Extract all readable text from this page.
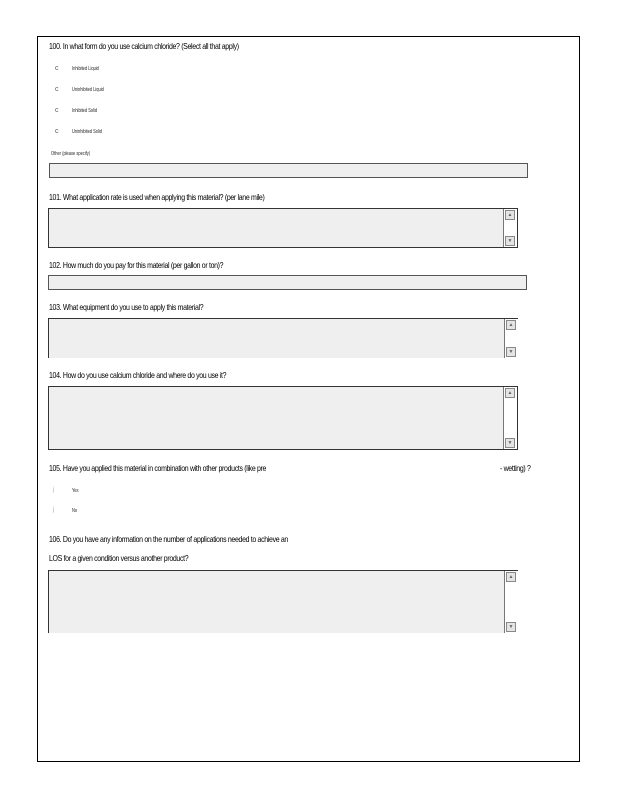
100. In what form do you use calcium chloride? (Select all that apply)
c	Inhibited Liquid
c	Uninhibited Liquid
c	Inhibited Solid
c	Uninhibited Solid
Other (please specify)
101. What application rate is used when applying this material? (per lane mile)
▲
▼
102. How much do you pay for this material (per gallon or ton)?
103. What equipment do you use to apply this material?
▲
▼
104. How do you use calcium chloride and where do you use it?
▲
▼
105. Have you applied this material in combination with other products (like pre	- wetting) ?
j	Yes
j	No
106. Do you have any information on the number of applications needed to achieve an
LOS for a given condition versus another product?
▲
▼
